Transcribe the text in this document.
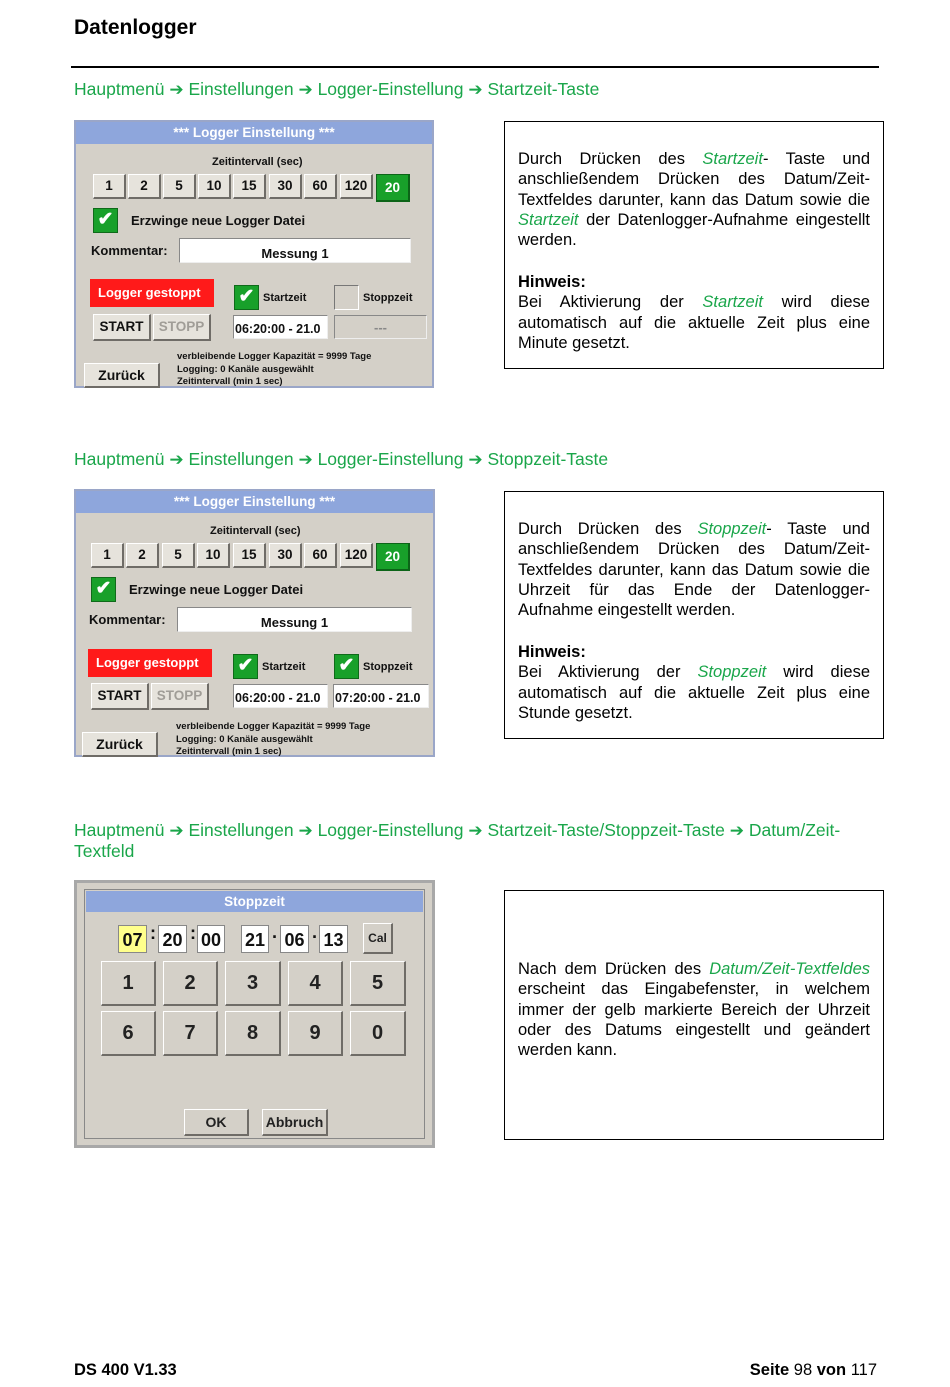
Datenlogger
Hauptmenü ➔ Einstellungen ➔ Logger-Einstellung ➔ Startzeit-Taste
*** Logger Einstellung ***
Zeitintervall (sec)
1	2	5	10	15	30	60	120	20
✔	Erzwinge neue Logger Datei
Kommentar:	Messung 1
Logger gestoppt	✔ Startzeit	Stoppzeit
START	STOPP	06:20:00 - 21.0	---
Zurück
verbleibende Logger Kapazität = 9999 Tage
Logging: 0 Kanäle ausgewählt
Zeitintervall (min 1 sec)
Durch Drücken des Startzeit- Taste und anschließendem Drücken des Datum/Zeit-Textfeldes darunter, kann das Datum sowie die Startzeit der Datenlogger-Aufnahme eingestellt werden.
Hinweis:
Bei Aktivierung der Startzeit wird diese automatisch auf die aktuelle Zeit plus eine Minute gesetzt.
Hauptmenü ➔ Einstellungen ➔ Logger-Einstellung ➔ Stoppzeit-Taste
*** Logger Einstellung ***
Zeitintervall (sec)
1	2	5	10	15	30	60	120	20
✔	Erzwinge neue Logger Datei
Kommentar:	Messung 1
Logger gestoppt	✔ Startzeit ✔ Stoppzeit
START	STOPP	06:20:00 - 21.0	07:20:00 - 21.0
Zurück
verbleibende Logger Kapazität = 9999 Tage
Logging: 0 Kanäle ausgewählt
Zeitintervall (min 1 sec)
Durch Drücken des Stoppzeit- Taste und anschließendem Drücken des Datum/Zeit-Textfeldes darunter, kann das Datum sowie die Uhrzeit für das Ende der Datenlogger-Aufnahme eingestellt werden.
Hinweis:
Bei Aktivierung der Stoppzeit wird diese automatisch auf die aktuelle Zeit plus eine Stunde gesetzt.
Hauptmenü ➔ Einstellungen ➔ Logger-Einstellung ➔ Startzeit-Taste/Stoppzeit-Taste ➔ Datum/Zeit-Textfeld
Stoppzeit
07 : 20 : 00 21 · 06 · 13	Cal
1	2	3	4	5
6	7	8	9	0
OK	Abbruch
Nach dem Drücken des Datum/Zeit-Textfeldes erscheint das Eingabefenster, in welchem immer der gelb markierte Bereich der Uhrzeit oder des Datums eingestellt und geändert werden kann.
DS 400 V1.33	Seite 98 von 117
